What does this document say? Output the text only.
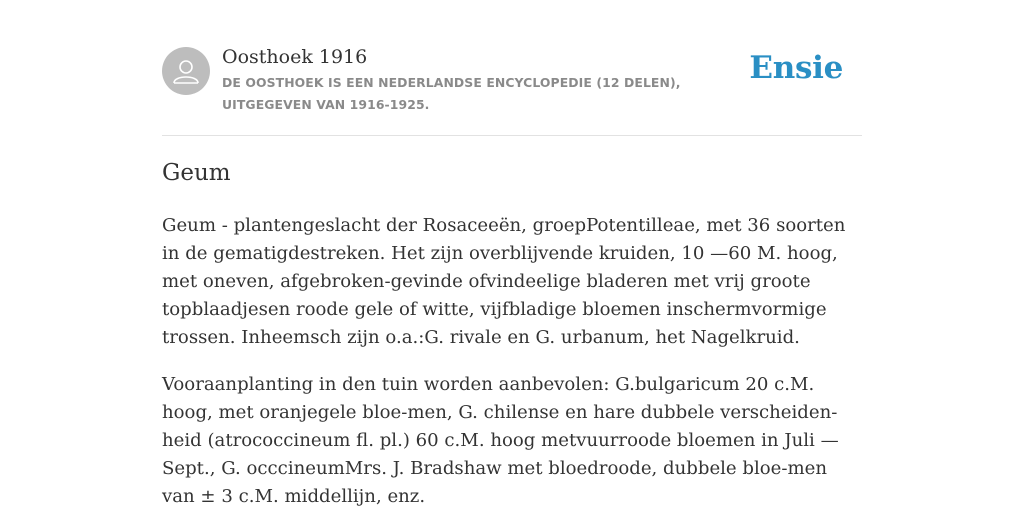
Oosthoek 1916
DE OOSTHOEK IS EEN NEDERLANDSE ENCYCLOPEDIE (12 DELEN), UITGEGEVEN VAN 1916-1925.
Ensie
Geum

Geum - plantengeslacht der Rosaceeën, groepPotentilleae, met 36 soorten in de gematigdestreken. Het zijn overblijvende kruiden, 10 —60 M. hoog, met oneven, afgebroken-gevinde ofvindeelige bladeren met vrij groote topblaadjesen roode gele of witte, vijfbladige bloemen inschermvormige trossen. Inheemsch zijn o.a.:G. rivale en G. urbanum, het Nagelkruid.

Vooraanplanting in den tuin worden aanbevolen: G.bulgaricum 20 c.M. hoog, met oranjegele bloe-men, G. chilense en hare dubbele verscheiden-heid (atrococcineum fl. pl.) 60 c.M. hoog metvuurroode bloemen in Juli —Sept., G. occcineumMrs. J. Bradshaw met bloedroode, dubbele bloe-men van ± 3 c.M. middellijn, enz.
